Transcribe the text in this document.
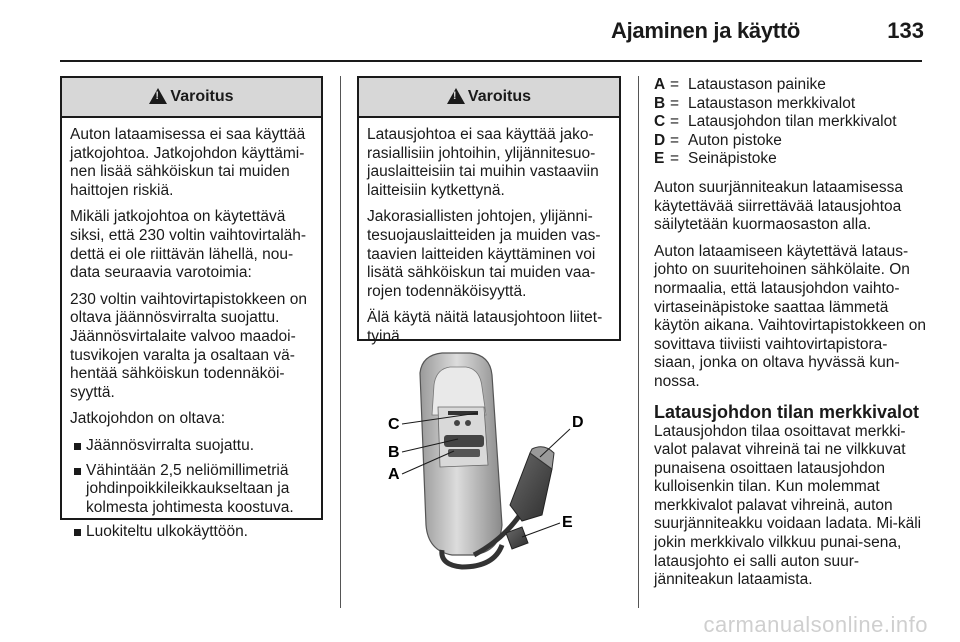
Ajaminen ja käyttö	133
!
Varoitus

Auton lataamisessa ei saa käyttää jatkojohtoa. Jatkojohdon käyttämi-nen lisää sähköiskun tai muiden haittojen riskiä.

Mikäli jatkojohtoa on käytettävä siksi, että 230 voltin vaihtovirtaläh-dettä ei ole riittävän lähellä, nou-data seuraavia varotoimia:

230 voltin vaihtovirtapistokkeen on oltava jäännösvirralta suojattu. Jäännösvirtalaite valvoo maadoi-tusvikojen varalta ja osaltaan vä-hentää sähköiskun todennäköi-syyttä.

Jatkojohdon on oltava:

Jäännösvirralta suojattu.
Vähintään 2,5 neliömillimetriä johdinpoikkileikkaukseltaan ja kolmesta johtimesta koostuva.
Luokiteltu ulkokäyttöön.
!
Varoitus

Latausjohtoa ei saa käyttää jako-rasiallisiin johtoihin, ylijännitesuo-jauslaitteisiin tai muihin vastaaviin laitteisiin kytkettynä.

Jakorasiallisten johtojen, ylijänni-tesuojauslaitteiden ja muiden vas-taavien laitteiden käyttäminen voi lisätä sähköiskun tai muiden vaa-rojen todennäköisyyttä.

Älä käytä näitä latausjohtoon liitet-tyinä.

C
B
A
D
E
A = Lataustason painike
B = Lataustason merkkivalot
C = Latausjohdon tilan merkkivalot
D = Auton pistoke
E = Seinäpistoke

Auton suurjänniteakun lataamisessa käytettävää siirrettävää latausjohtoa säilytetään kuormaosaston alla.

Auton lataamiseen käytettävä lataus-johto on suuritehoinen sähkölaite. On normaalia, että latausjohdon vaihto-virtaseinäpistoke saattaa lämmetä käytön aikana. Vaihtovirtapistokkeen on sovittava tiiviisti vaihtovirtapistora-siaan, jonka on oltava hyvässä kun-nossa.

Latausjohdon tilan merkkivalot

Latausjohdon tilaa osoittavat merkki-valot palavat vihreinä tai ne vilkkuvat punaisena osoittaen latausjohdon kulloisenkin tilan. Kun molemmat merkkivalot palavat vihreinä, auton suurjänniteakku voidaan ladata. Mi-käli jokin merkkivalo vilkkuu punai-sena, latausjohto ei salli auton suur-jänniteakun lataamista.

carmanualsonline.info
